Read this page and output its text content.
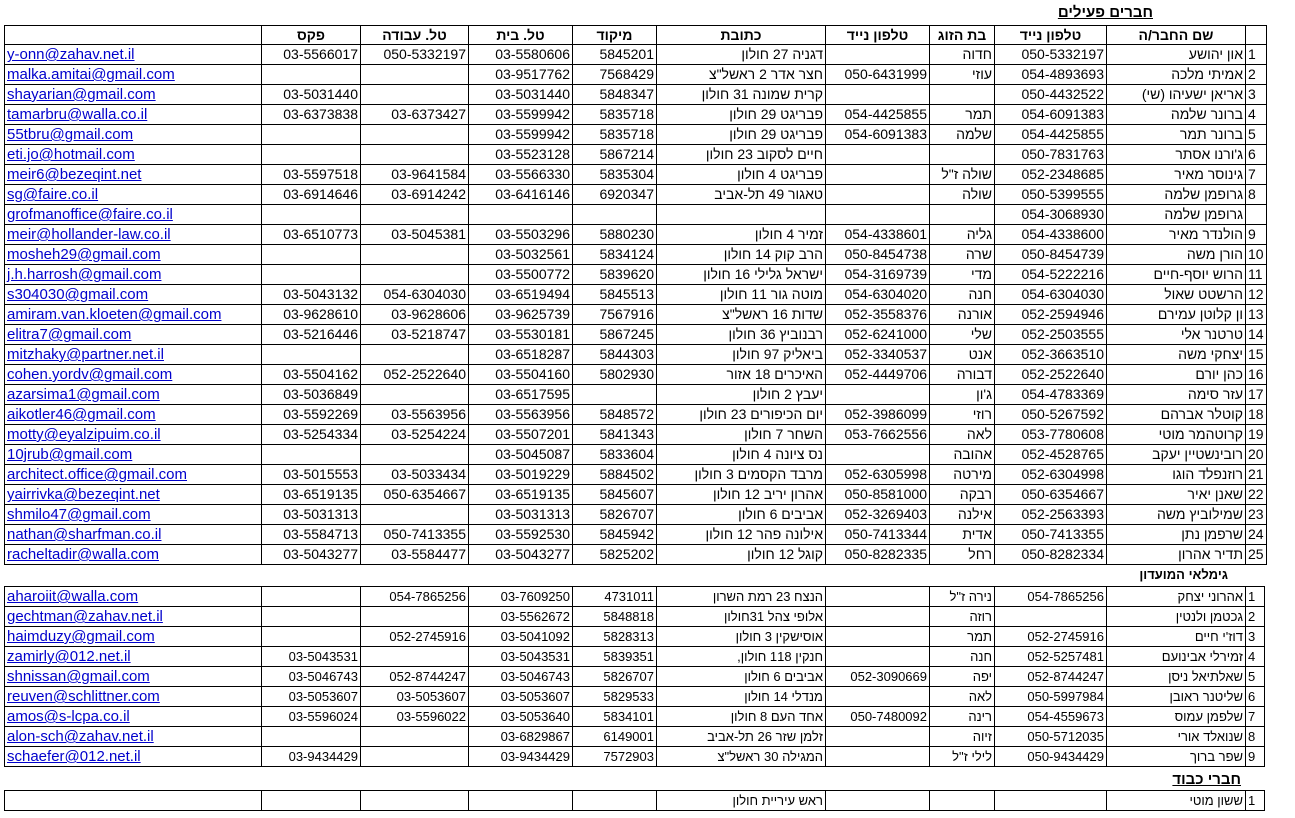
חברים פעילים
	פקס	טל. עבודה	טל. בית	מיקוד	כתובת	טלפון נייד	בת הזוג	טלפון נייד	שם החבר/ה	
y-onn@zahav.net.il	03-5566017	050-5332197	03-5580606	5845201	דגניה 27 חולון		חדוה	050-5332197	און יהושע	1
malka.amitai@gmail.com			03-9517762	7568429	חצר אדר 2 ראשל"צ	050-6431999	עוזי	054-4893693	אמיתי מלכה	2
shayarian@gmail.com	03-5031440		03-5031440	5848347	קרית שמונה 31 חולון			050-4432522	אריאן ישעיהו (שי)	3
tamarbru@walla.co.il	03-6373838	03-6373427	03-5599942	5835718	פבריגט 29 חולון	054-4425855	תמר	054-6091383	ברונר שלמה	4
55tbru@gmail.com			03-5599942	5835718	פבריגט 29 חולון	054-6091383	שלמה	054-4425855	ברונר תמר	5
eti.jo@hotmail.com			03-5523128	5867214	חיים לסקוב 23 חולון			050-7831763	ג'ורנו אסתר	6
meir6@bezeqint.net	03-5597518	03-9641584	03-5566330	5835304	פבריגט 4 חולון		שולה ז"ל	052-2348685	גינוסר מאיר	7
sg@faire.co.il	03-6914646	03-6914242	03-6416146	6920347	טאגור 49 תל-אביב		שולה	050-5399555	גרופמן שלמה	8
grofmanoffice@faire.co.il								054-3068930	גרופמן שלמה	
meir@hollander-law.co.il	03-6510773	03-5045381	03-5503296	5880230	זמיר 4 חולון	054-4338601	גליה	054-4338600	הולנדר מאיר	9
mosheh29@gmail.com			03-5032561	5834124	הרב קוק 14 חולון	050-8454738	שרה	050-8454739	הורן משה	10
j.h.harrosh@gmail.com			03-5500772	5839620	ישראל גלילי 16 חולון	054-3169739	מדי	054-5222216	הרוש יוסף-חיים	11
s304030@gmail.com	03-5043132	054-6304030	03-6519494	5845513	מוטה גור 11 חולון	054-6304020	חנה	054-6304030	הרשטט שאול	12
amiram.van.kloeten@gmail.com	03-9628610	03-9628606	03-9625739	7567916	שדות 16 ראשל"צ	052-3558376	אורנה	052-2594946	ון קלוטן עמירם	13
elitra7@gmail.com	03-5216446	03-5218747	03-5530181	5867245	רבנוביץ 36 חולון	052-6241000	שלי	052-2503555	טרטנר אלי	14
mitzhaky@partner.net.il			03-6518287	5844303	ביאליק 97 חולון	052-3340537	אנט	052-3663510	יצחקי משה	15
cohen.yordv@gmail.com	03-5504162	052-2522640	03-5504160	5802930	האיכרים 18 אזור	052-4449706	דבורה	052-2522640	כהן יורם	16
azarsima1@gmail.com	03-5036849		03-6517595		יעבץ 2 חולון		ג'ון	054-4783369	עזר סימה	17
aikotler46@gmail.com	03-5592269	03-5563956	03-5563956	5848572	יום הכיפורים 23 חולון	052-3986099	רוזי	050-5267592	קוטלר אברהם	18
motty@eyalzipuim.co.il	03-5254334	03-5254224	03-5507201	5841343	השחר 7 חולון	053-7662556	לאה	053-7780608	קרוטהמר מוטי	19
10jrub@gmail.com			03-5045087	5833604	נס ציונה 4 חולון		אהובה	052-4528765	רובינשטיין יעקב	20
architect.office@gmail.com	03-5015553	03-5033434	03-5019229	5884502	מרבד הקסמים 3 חולון	052-6305998	מירטה	052-6304998	רוזנפלד הוגו	21
yairrivka@bezeqint.net	03-6519135	050-6354667	03-6519135	5845607	אהרון יריב 12 חולון	050-8581000	רבקה	050-6354667	שאנן יאיר	22
shmilo47@gmail.com	03-5031313		03-5031313	5826707	אביבים 6 חולון	052-3269403	אילנה	052-2563393	שמילוביץ משה	23
nathan@sharfman.co.il	03-5584713	050-7413355	03-5592530	5845942	אילונה פהר 12 חולון	050-7413344	אדית	050-7413355	שרפמן נתן	24
racheltadir@walla.com	03-5043277	03-5584477	03-5043277	5825202	קוגל 12 חולון	050-8282335	רחל	050-8282334	תדיר אהרון	25
גימלאי המועדון
aharoiit@walla.com		054-7865256	03-7609250	4731011	הנצח 23 רמת השרון		נירה ז"ל	054-7865256	אהרוני יצחק	1
gechtman@zahav.net.il			03-5562672	5848818	אלופי צהל 31חולון		רוזה		גכטמן ולנטין	2
haimduzy@gmail.com		052-2745916	03-5041092	5828313	אוסישקין 3 חולון		תמר	052-2745916	דוז'י חיים	3
zamirly@012.net.il	03-5043531		03-5043531	5839351	חנקין 118 חולון,		חנה	052-5257481	זמירלי אבינועם	4
shnissan@gmail.com	03-5046743	052-8744247	03-5046743	5826707	אביבים 6 חולון	052-3090669	יפה	052-8744247	שאלתיאל ניסן	5
reuven@schlittner.com	03-5053607	03-5053607	03-5053607	5829533	מנדלי 14 חולון		לאה	050-5997984	שליטנר ראובן	6
amos@s-lcpa.co.il	03-5596024	03-5596022	03-5053640	5834101	אחד העם 8 חולון	050-7480092	רינה	054-4559673	שלפמן עמוס	7
alon-sch@zahav.net.il			03-6829867	6149001	זלמן שזר 26 תל-אביב		זיוה	050-5712035	שנואלד אורי	8
schaefer@012.net.il	03-9434429		03-9434429	7572903	המגילה 30 ראשל"צ		לילי ז"ל	050-9434429	שפר ברוך	9
חברי כבוד
					ראש עיריית חולון				ששון מוטי	1
